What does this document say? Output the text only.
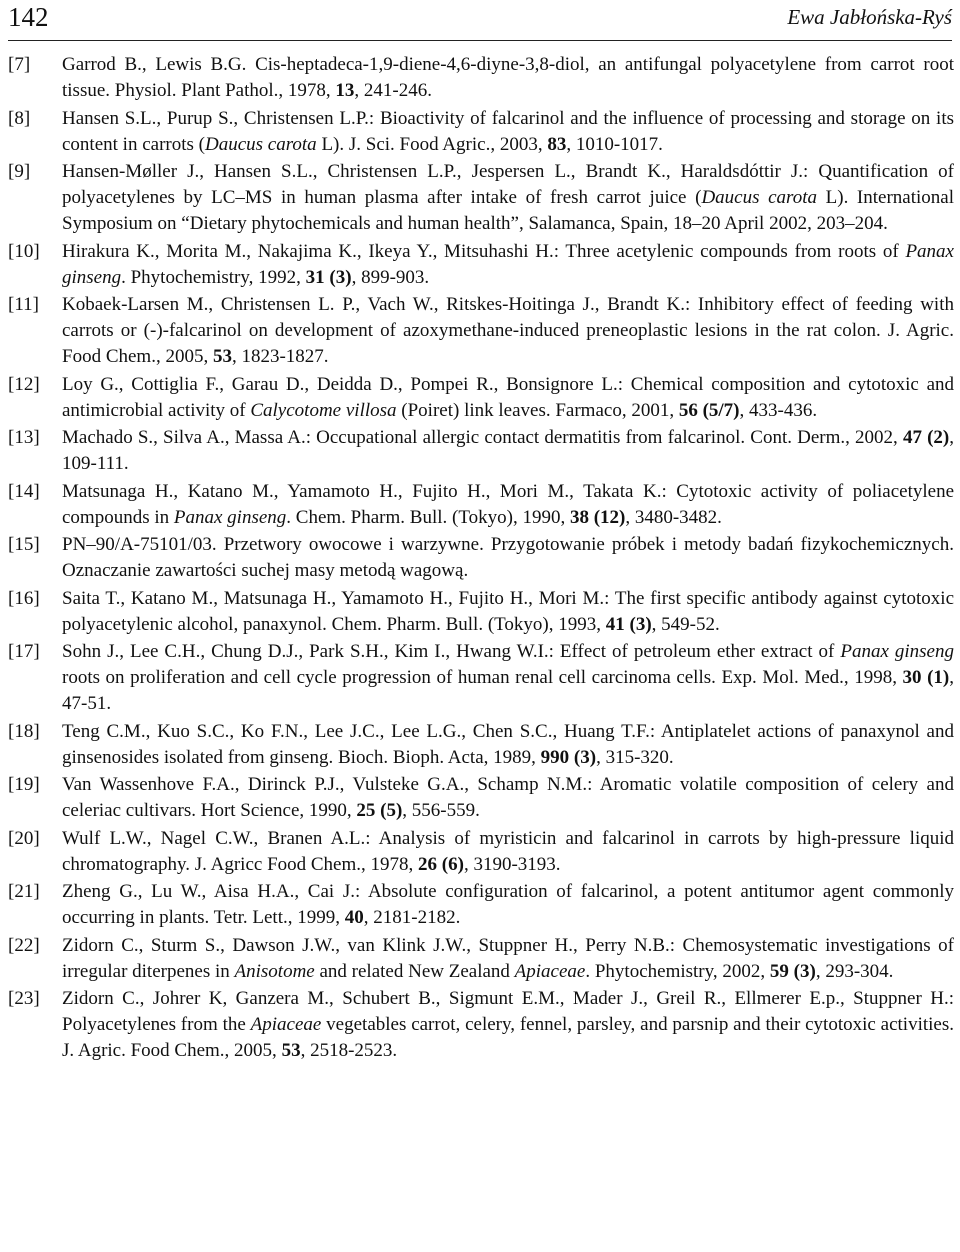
142	Ewa Jabłońska-Ryś
[7]	Garrod B., Lewis B.G. Cis-heptadeca-1,9-diene-4,6-diyne-3,8-diol, an antifungal polyacetylene from carrot root tissue. Physiol. Plant Pathol., 1978, 13, 241-246.
[8]	Hansen S.L., Purup S., Christensen L.P.: Bioactivity of falcarinol and the influence of processing and storage on its content in carrots (Daucus carota L). J. Sci. Food Agric., 2003, 83, 1010-1017.
[9]	Hansen-Møller J., Hansen S.L., Christensen L.P., Jespersen L., Brandt K., Haraldsdóttir J.: Quantification of polyacetylenes by LC–MS in human plasma after intake of fresh carrot juice (Daucus carota L). International Symposium on “Dietary phytochemicals and human health”, Salamanca, Spain, 18–20 April 2002, 203–204.
[10]	Hirakura K., Morita M., Nakajima K., Ikeya Y., Mitsuhashi H.: Three acetylenic compounds from roots of Panax ginseng. Phytochemistry, 1992, 31 (3), 899-903.
[11]	Kobaek-Larsen M., Christensen L. P., Vach W., Ritskes-Hoitinga J., Brandt K.: Inhibitory effect of feeding with carrots or (-)-falcarinol on development of azoxymethane-induced preneoplastic lesions in the rat colon. J. Agric. Food Chem., 2005, 53, 1823-1827.
[12]	Loy G., Cottiglia F., Garau D., Deidda D., Pompei R., Bonsignore L.: Chemical composition and cytotoxic and antimicrobial activity of Calycotome villosa (Poiret) link leaves. Farmaco, 2001, 56 (5/7), 433-436.
[13]	Machado S., Silva A., Massa A.: Occupational allergic contact dermatitis from falcarinol. Cont. Derm., 2002, 47 (2), 109-111.
[14]	Matsunaga H., Katano M., Yamamoto H., Fujito H., Mori M., Takata K.: Cytotoxic activity of poliacetylene compounds in Panax ginseng. Chem. Pharm. Bull. (Tokyo), 1990, 38 (12), 3480-3482.
[15]	PN–90/A-75101/03. Przetwory owocowe i warzywne. Przygotowanie próbek i metody badań fizykochemicznych. Oznaczanie zawartości suchej masy metodą wagową.
[16]	Saita T., Katano M., Matsunaga H., Yamamoto H., Fujito H., Mori M.: The first specific antibody against cytotoxic polyacetylenic alcohol, panaxynol. Chem. Pharm. Bull. (Tokyo), 1993, 41 (3), 549-52.
[17]	Sohn J., Lee C.H., Chung D.J., Park S.H., Kim I., Hwang W.I.: Effect of petroleum ether extract of Panax ginseng roots on proliferation and cell cycle progression of human renal cell carcinoma cells. Exp. Mol. Med., 1998, 30 (1), 47-51.
[18]	Teng C.M., Kuo S.C., Ko F.N., Lee J.C., Lee L.G., Chen S.C., Huang T.F.: Antiplatelet actions of panaxynol and ginsenosides isolated from ginseng. Bioch. Bioph. Acta, 1989, 990 (3), 315-320.
[19]	Van Wassenhove F.A., Dirinck P.J., Vulsteke G.A., Schamp N.M.: Aromatic volatile composition of celery and celeriac cultivars. Hort Science, 1990, 25 (5), 556-559.
[20]	Wulf L.W., Nagel C.W., Branen A.L.: Analysis of myristicin and falcarinol in carrots by high-pressure liquid chromatography. J. Agricc Food Chem., 1978, 26 (6), 3190-3193.
[21]	Zheng G., Lu W., Aisa H.A., Cai J.: Absolute configuration of falcarinol, a potent antitumor agent commonly occurring in plants. Tetr. Lett., 1999, 40, 2181-2182.
[22]	Zidorn C., Sturm S., Dawson J.W., van Klink J.W., Stuppner H., Perry N.B.: Chemosystematic investigations of irregular diterpenes in Anisotome and related New Zealand Apiaceae. Phytochemistry, 2002, 59 (3), 293-304.
[23]	Zidorn C., Johrer K, Ganzera M., Schubert B., Sigmunt E.M., Mader J., Greil R., Ellmerer E.p., Stuppner H.: Polyacetylenes from the Apiaceae vegetables carrot, celery, fennel, parsley, and parsnip and their cytotoxic activities. J. Agric. Food Chem., 2005, 53, 2518-2523.
